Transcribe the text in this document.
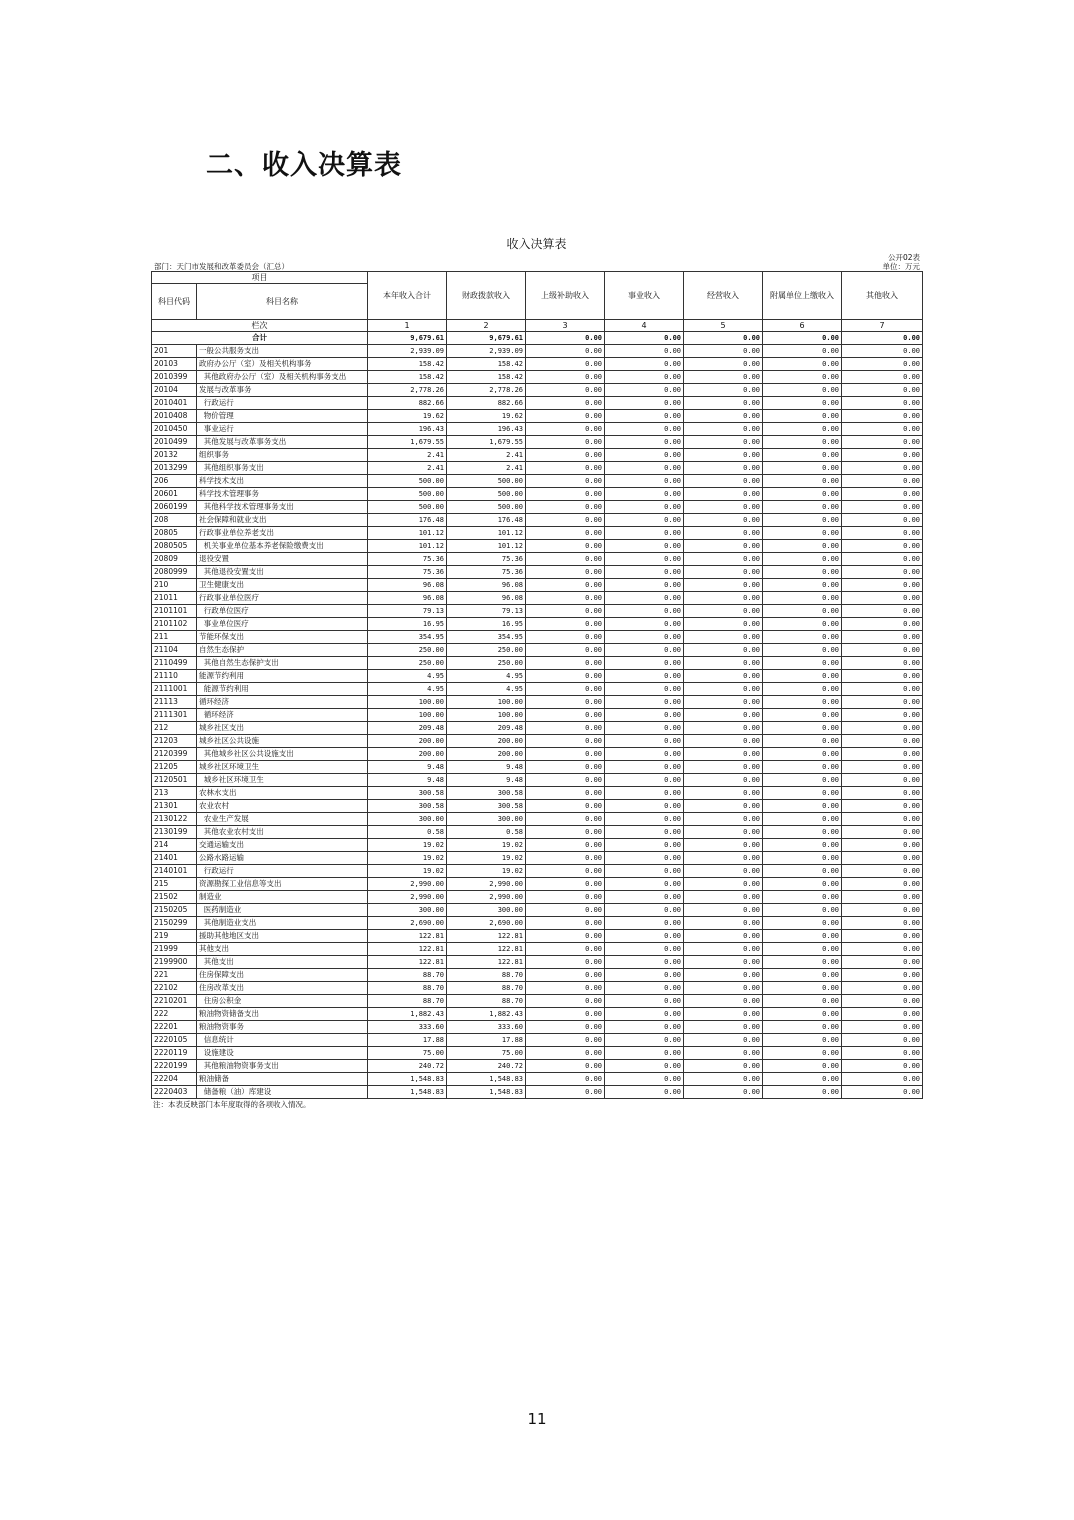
二、收入决算表
收入决算表
公开02表
部门：天门市发展和改革委员会（汇总）	单位：万元
项目		本年收入合计	财政拨款收入	上级补助收入	事业收入	经营收入	附属单位上缴收入	其他收入
科目代码	科目名称							
栏次		1	2	3	4	5	6	7
合计		9,679.61	9,679.61	0.00	0.00	0.00	0.00	0.00
201	一般公共服务支出	2,939.09	2,939.09	0.00	0.00	0.00	0.00	0.00
20103	政府办公厅（室）及相关机构事务	158.42	158.42	0.00	0.00	0.00	0.00	0.00
2010399	其他政府办公厅（室）及相关机构事务支出	158.42	158.42	0.00	0.00	0.00	0.00	0.00
20104	发展与改革事务	2,778.26	2,778.26	0.00	0.00	0.00	0.00	0.00
2010401	行政运行	882.66	882.66	0.00	0.00	0.00	0.00	0.00
2010408	物价管理	19.62	19.62	0.00	0.00	0.00	0.00	0.00
2010450	事业运行	196.43	196.43	0.00	0.00	0.00	0.00	0.00
2010499	其他发展与改革事务支出	1,679.55	1,679.55	0.00	0.00	0.00	0.00	0.00
20132	组织事务	2.41	2.41	0.00	0.00	0.00	0.00	0.00
2013299	其他组织事务支出	2.41	2.41	0.00	0.00	0.00	0.00	0.00
206	科学技术支出	500.00	500.00	0.00	0.00	0.00	0.00	0.00
20601	科学技术管理事务	500.00	500.00	0.00	0.00	0.00	0.00	0.00
2060199	其他科学技术管理事务支出	500.00	500.00	0.00	0.00	0.00	0.00	0.00
208	社会保障和就业支出	176.48	176.48	0.00	0.00	0.00	0.00	0.00
20805	行政事业单位养老支出	101.12	101.12	0.00	0.00	0.00	0.00	0.00
2080505	机关事业单位基本养老保险缴费支出	101.12	101.12	0.00	0.00	0.00	0.00	0.00
20809	退役安置	75.36	75.36	0.00	0.00	0.00	0.00	0.00
2080999	其他退役安置支出	75.36	75.36	0.00	0.00	0.00	0.00	0.00
210	卫生健康支出	96.08	96.08	0.00	0.00	0.00	0.00	0.00
21011	行政事业单位医疗	96.08	96.08	0.00	0.00	0.00	0.00	0.00
2101101	行政单位医疗	79.13	79.13	0.00	0.00	0.00	0.00	0.00
2101102	事业单位医疗	16.95	16.95	0.00	0.00	0.00	0.00	0.00
211	节能环保支出	354.95	354.95	0.00	0.00	0.00	0.00	0.00
21104	自然生态保护	250.00	250.00	0.00	0.00	0.00	0.00	0.00
2110499	其他自然生态保护支出	250.00	250.00	0.00	0.00	0.00	0.00	0.00
21110	能源节约利用	4.95	4.95	0.00	0.00	0.00	0.00	0.00
2111001	能源节约利用	4.95	4.95	0.00	0.00	0.00	0.00	0.00
21113	循环经济	100.00	100.00	0.00	0.00	0.00	0.00	0.00
2111301	循环经济	100.00	100.00	0.00	0.00	0.00	0.00	0.00
212	城乡社区支出	209.48	209.48	0.00	0.00	0.00	0.00	0.00
21203	城乡社区公共设施	200.00	200.00	0.00	0.00	0.00	0.00	0.00
2120399	其他城乡社区公共设施支出	200.00	200.00	0.00	0.00	0.00	0.00	0.00
21205	城乡社区环境卫生	9.48	9.48	0.00	0.00	0.00	0.00	0.00
2120501	城乡社区环境卫生	9.48	9.48	0.00	0.00	0.00	0.00	0.00
213	农林水支出	300.58	300.58	0.00	0.00	0.00	0.00	0.00
21301	农业农村	300.58	300.58	0.00	0.00	0.00	0.00	0.00
2130122	农业生产发展	300.00	300.00	0.00	0.00	0.00	0.00	0.00
2130199	其他农业农村支出	0.58	0.58	0.00	0.00	0.00	0.00	0.00
214	交通运输支出	19.02	19.02	0.00	0.00	0.00	0.00	0.00
21401	公路水路运输	19.02	19.02	0.00	0.00	0.00	0.00	0.00
2140101	行政运行	19.02	19.02	0.00	0.00	0.00	0.00	0.00
215	资源勘探工业信息等支出	2,990.00	2,990.00	0.00	0.00	0.00	0.00	0.00
21502	制造业	2,990.00	2,990.00	0.00	0.00	0.00	0.00	0.00
2150205	医药制造业	300.00	300.00	0.00	0.00	0.00	0.00	0.00
2150299	其他制造业支出	2,690.00	2,690.00	0.00	0.00	0.00	0.00	0.00
219	援助其他地区支出	122.81	122.81	0.00	0.00	0.00	0.00	0.00
21999	其他支出	122.81	122.81	0.00	0.00	0.00	0.00	0.00
2199900	其他支出	122.81	122.81	0.00	0.00	0.00	0.00	0.00
221	住房保障支出	88.70	88.70	0.00	0.00	0.00	0.00	0.00
22102	住房改革支出	88.70	88.70	0.00	0.00	0.00	0.00	0.00
2210201	住房公积金	88.70	88.70	0.00	0.00	0.00	0.00	0.00
222	粮油物资储备支出	1,882.43	1,882.43	0.00	0.00	0.00	0.00	0.00
22201	粮油物资事务	333.60	333.60	0.00	0.00	0.00	0.00	0.00
2220105	信息统计	17.88	17.88	0.00	0.00	0.00	0.00	0.00
2220119	设施建设	75.00	75.00	0.00	0.00	0.00	0.00	0.00
2220199	其他粮油物资事务支出	240.72	240.72	0.00	0.00	0.00	0.00	0.00
22204	粮油储备	1,548.83	1,548.83	0.00	0.00	0.00	0.00	0.00
2220403	储备粮（油）库建设	1,548.83	1,548.83	0.00	0.00	0.00	0.00	0.00
注：本表反映部门本年度取得的各项收入情况。
11
